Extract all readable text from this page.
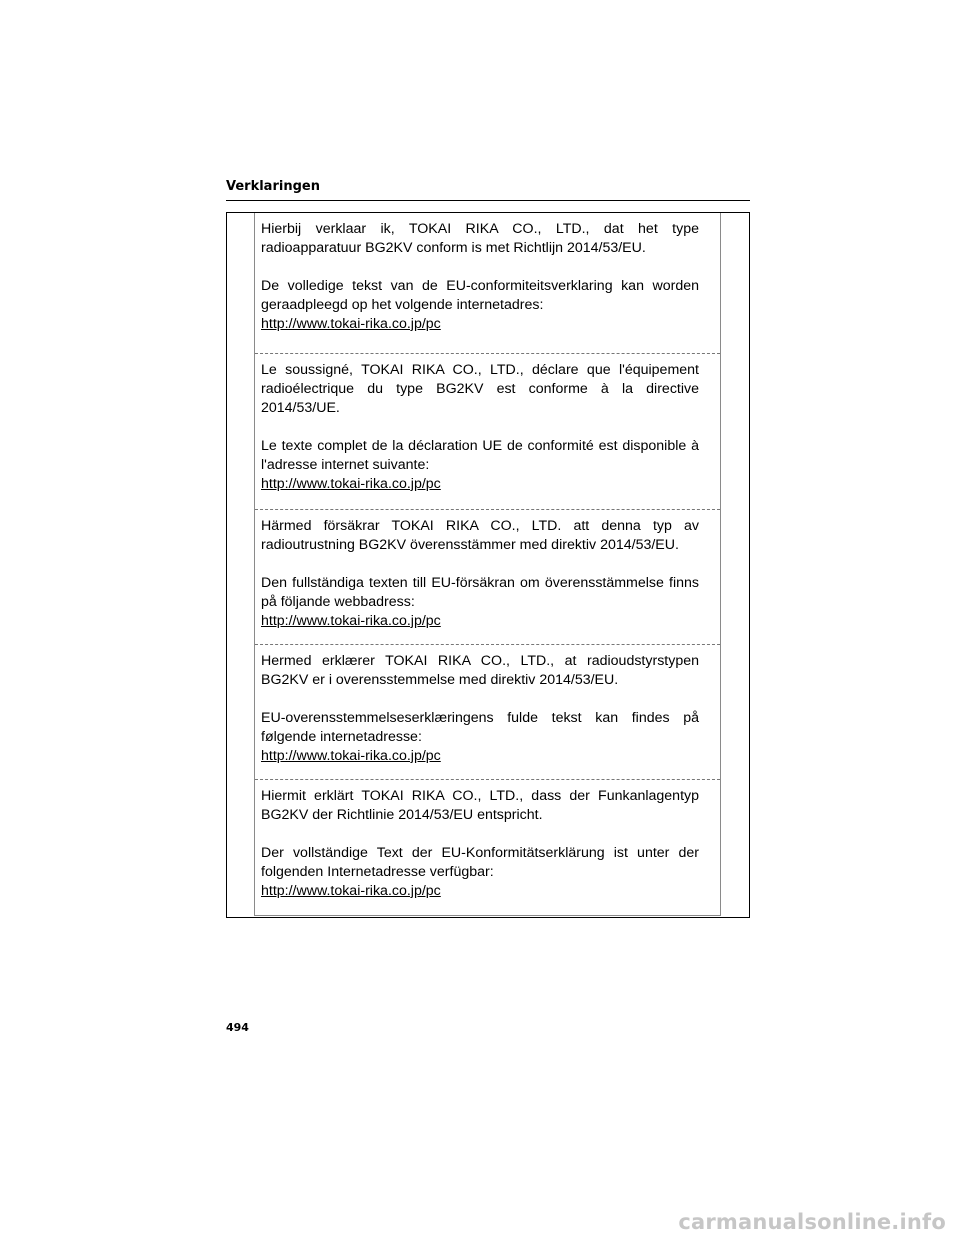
Verklaringen

Hierbij verklaar ik, TOKAI RIKA CO., LTD., dat het type radioapparatuur BG2KV conform is met Richtlijn 2014/53/EU.

De volledige tekst van de EU-conformiteitsverklaring kan worden geraadpleegd op het volgende internetadres:

http://www.tokai-rika.co.jp/pc

Le soussigné, TOKAI RIKA CO., LTD., déclare que l'équipement radioélectrique du type BG2KV est conforme à la directive 2014/53/UE.

Le texte complet de la déclaration UE de conformité est disponible à l'adresse internet suivante:

http://www.tokai-rika.co.jp/pc

Härmed försäkrar TOKAI RIKA CO., LTD. att denna typ av radioutrustning BG2KV överensstämmer med direktiv 2014/53/EU.

Den fullständiga texten till EU-försäkran om överensstämmelse finns på följande webbadress:

http://www.tokai-rika.co.jp/pc

Hermed erklærer TOKAI RIKA CO., LTD., at radioudstyrstypen BG2KV er i overensstemmelse med direktiv 2014/53/EU.

EU-overensstemmelseserklæringens fulde tekst kan findes på følgende internetadresse:

http://www.tokai-rika.co.jp/pc

Hiermit erklärt TOKAI RIKA CO., LTD., dass der Funkanlagentyp BG2KV der Richtlinie 2014/53/EU entspricht.

Der vollständige Text der EU-Konformitätserklärung ist unter der folgenden Internetadresse verfügbar:

http://www.tokai-rika.co.jp/pc
494
carmanualsonline.info
